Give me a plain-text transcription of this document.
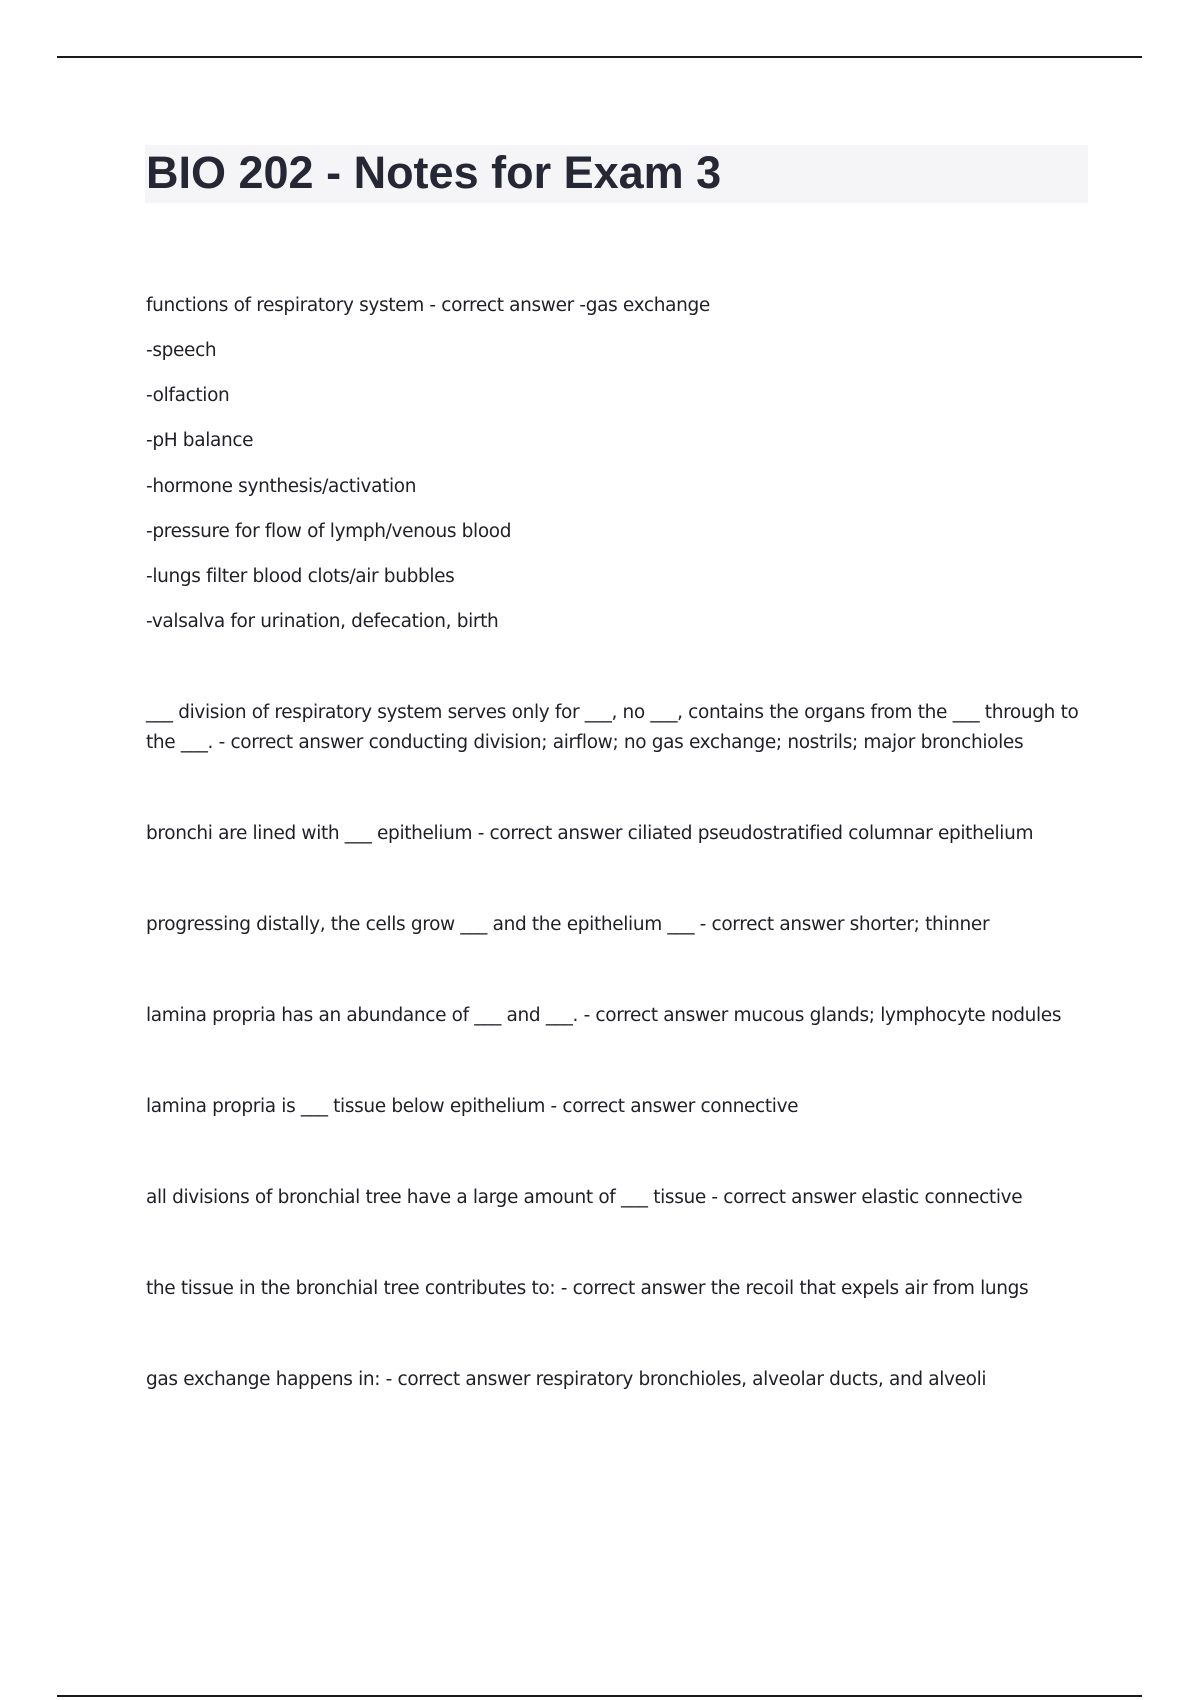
BIO 202 - Notes for Exam 3
functions of respiratory system - correct answer -gas exchange
-speech
-olfaction
-pH balance
-hormone synthesis/activation
-pressure for flow of lymph/venous blood
-lungs filter blood clots/air bubbles
-valsalva for urination, defecation, birth
___ division of respiratory system serves only for ___, no ___, contains the organs from the ___ through to the ___. - correct answer conducting division; airflow; no gas exchange; nostrils; major bronchioles
bronchi are lined with ___ epithelium - correct answer ciliated pseudostratified columnar epithelium
progressing distally, the cells grow ___ and the epithelium ___ - correct answer shorter; thinner
lamina propria has an abundance of ___ and ___. - correct answer mucous glands; lymphocyte nodules
lamina propria is ___ tissue below epithelium - correct answer connective
all divisions of bronchial tree have a large amount of ___ tissue - correct answer elastic connective
the tissue in the bronchial tree contributes to: - correct answer the recoil that expels air from lungs
gas exchange happens in: - correct answer respiratory bronchioles, alveolar ducts, and alveoli
